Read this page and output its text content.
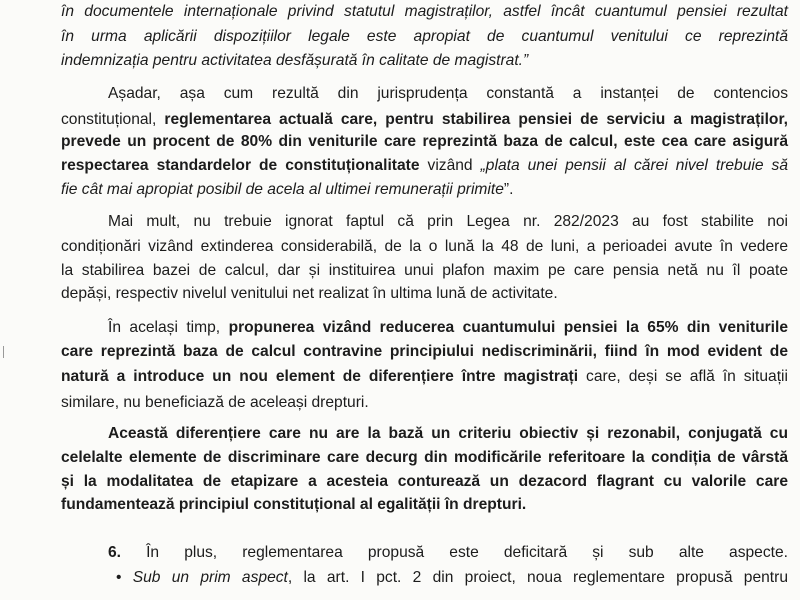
în documentele internaționale privind statutul magistraților, astfel încât cuantumul pensiei rezultat
în urma aplicării dispozițiilor legale este apropiat de cuantumul venitului ce reprezintă
indemnizația pentru activitatea desfășurată în calitate de magistrat.”
Așadar, așa cum rezultă din jurisprudența constantă a instanței de contencios
constituțional, reglementarea actuală care, pentru stabilirea pensiei de serviciu a magistraților,
prevede un procent de 80% din veniturile care reprezintă baza de calcul, este cea care asigură
respectarea standardelor de constituționalitate vizând „plata unei pensii al cărei nivel trebuie să
fie cât mai apropiat posibil de acela al ultimei remunerații primite”.
Mai mult, nu trebuie ignorat faptul că prin Legea nr. 282/2023 au fost stabilite noi
condiționări vizând extinderea considerabilă, de la o lună la 48 de luni, a perioadei avute în vedere
la stabilirea bazei de calcul, dar și instituirea unui plafon maxim pe care pensia netă nu îl poate
depăși, respectiv nivelul venitului net realizat în ultima lună de activitate.
În același timp, propunerea vizând reducerea cuantumului pensiei la 65% din veniturile
care reprezintă baza de calcul contravine principiului nediscriminării, fiind în mod evident de
natură a introduce un nou element de diferențiere între magistrați care, deși se află în situații
similare, nu beneficiază de aceleași drepturi.
Această diferențiere care nu are la bază un criteriu obiectiv și rezonabil, conjugată cu
celelalte elemente de discriminare care decurg din modificările referitoare la condiția de vârstă
și la modalitatea de etapizare a acesteia conturează un dezacord flagrant cu valorile care
fundamentează principiul constituțional al egalității în drepturi.
6. În plus, reglementarea propusă este deficitară și sub alte aspecte.
• Sub un prim aspect, la art. I pct. 2 din proiect, noua reglementare propusă pentru
